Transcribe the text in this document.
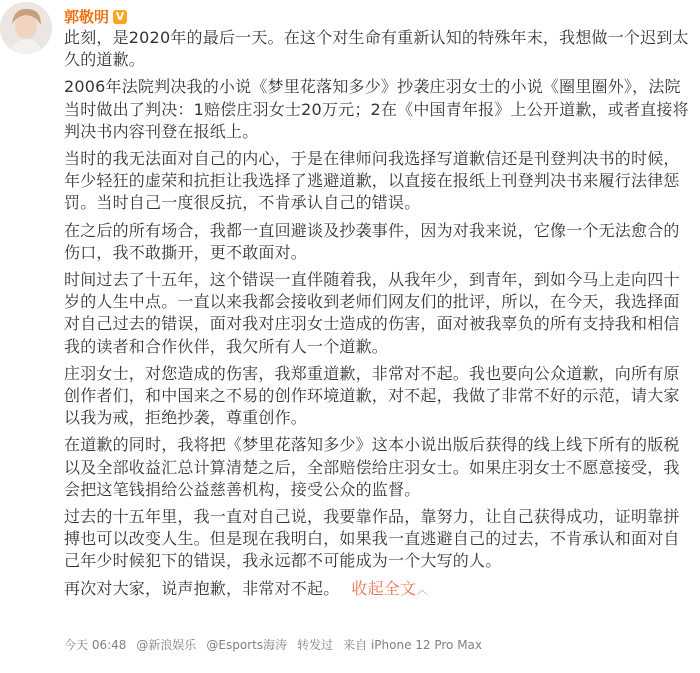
郭敬明 V

此刻，是2020年的最后一天。在这个对生命有重新认知的特殊年末，我想做一个迟到太久的道歉。

2006年法院判决我的小说《梦里花落知多少》抄袭庄羽女士的小说《圈里圈外》，法院当时做出了判决：1赔偿庄羽女士20万元；2在《中国青年报》上公开道歉，或者直接将判决书内容刊登在报纸上。

当时的我无法面对自己的内心，于是在律师问我选择写道歉信还是刊登判决书的时候，年少轻狂的虚荣和抗拒让我选择了逃避道歉，以直接在报纸上刊登判决书来履行法律惩罚。当时自己一度很反抗，不肯承认自己的错误。

在之后的所有场合，我都一直回避谈及抄袭事件，因为对我来说，它像一个无法愈合的伤口，我不敢撕开，更不敢面对。

时间过去了十五年，这个错误一直伴随着我，从我年少，到青年，到如今马上走向四十岁的人生中点。一直以来我都会接收到老师们网友们的批评，所以，在今天，我选择面对自己过去的错误，面对我对庄羽女士造成的伤害，面对被我辜负的所有支持我和相信我的读者和合作伙伴，我欠所有人一个道歉。

庄羽女士，对您造成的伤害，我郑重道歉，非常对不起。我也要向公众道歉，向所有原创作者们，和中国来之不易的创作环境道歉，对不起，我做了非常不好的示范，请大家以我为戒，拒绝抄袭，尊重创作。

在道歉的同时，我将把《梦里花落知多少》这本小说出版后获得的线上线下所有的版税以及全部收益汇总计算清楚之后，全部赔偿给庄羽女士。如果庄羽女士不愿意接受，我会把这笔钱捐给公益慈善机构，接受公众的监督。

过去的十五年里，我一直对自己说，我要靠作品，靠努力，让自己获得成功，证明靠拼搏也可以改变人生。但是现在我明白，如果我一直逃避自己的过去，不肯承认和面对自己年少时候犯下的错误，我永远都不可能成为一个大写的人。

再次对大家，说声抱歉，非常对不起。 收起全文︿

今天 06:48 @新浪娱乐 @Esports海涛 转发过 来自 iPhone 12 Pro Max
